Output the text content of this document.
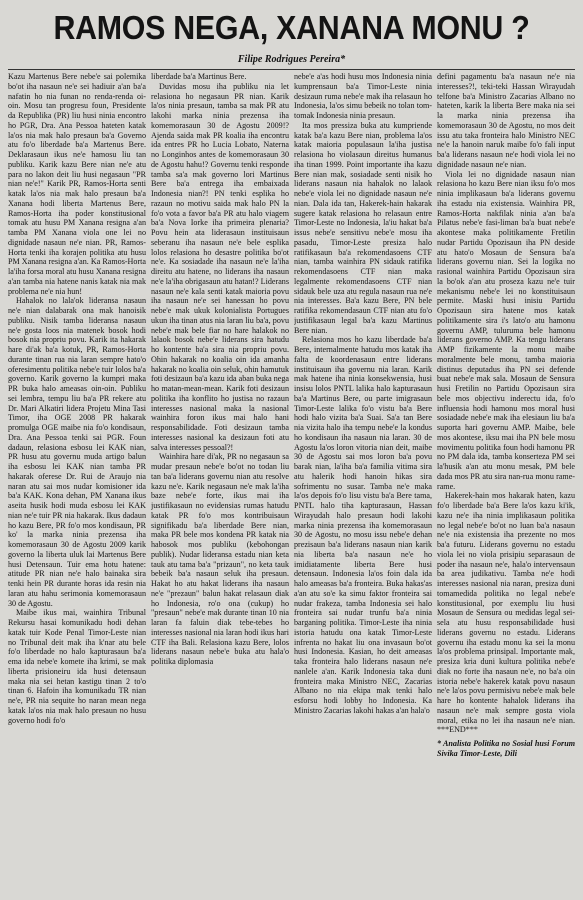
RAMOS NEGA, XANANA MONU ?
Filipe Rodrigues Pereira*

Kazu Martenus Bere nebe'e sai polemika bo'ot iha nasaun ne'e sei hadiuir a'an ba'a nafatin ho nia funan no renda-renda oi-oin. Mosu tan progresu foun, Presidente da Republika (PR) liu husi ninia encontro ho PGR, Dra. Ana Pessoa hateten katak la'os nia mak halo presaun ba'a Governo atu fo'o liberdade ba'a Martenus Bere. Deklarasaun ikus ne'e hamosu liu tan publiku. Karik kazu Bere nian ne'e atu para no lakon deit liu husi negasaun "PR nian ne'e!" Karik PR, Ramos-Horta senti katak la'os nia mak halo presaun ba'a Xanana hodi liberta Martenus Bere, Ramos-Horta iha poder konstitusional tomak atu husu PM Xanana resigna a'an tamba PM Xanana viola one lei no dignidade nasaun ne'e nian. PR, Ramos-Horta tenki iha korajen politika atu husu PM Xanana resigna a'an. Ka Ramos-Horta la'iha forsa moral atu husu Xanana resigna a'an tamba nia hatene nanis katak nia mak problema ne'e nia hun!

Hahalok no lala'ok lideransa nasaun ne'e nian dalabarak ona mak hanoisik publiku. Nisik tamba lideransa nasaun ne'e gosta loos nia matenek bosok hodi bosok nia propriu povu. Karik ita hakarak hare di'ak ba'a kotuk, PR, Ramos-Horta durante tinan rua nia laran sempre hato'o oferesimentu politika nebe'e tuir lolos ba'a governo. Karik governo la kumpri maka PR buka halo ameasas oin-oin. Publiku sei lembra, tempu liu ba'a PR rekere atu Dr. Mari Alkatiri lidera Projetu Mina Tasi Timor, iha OGE 2008 PR hakarak promulga OGE maibe nia fo'o kondisaun, Dra. Ana Pessoa tenki sai PGR. Foun dadaun, relasiona esbosu lei KAK nian, PR husu atu governu muda artigo balun iha esbosu lei KAK nian tamba PR hakarak oferese Dr. Rui de Araujo nia naran atu sai mos nudar komisioner ida ba'a KAK. Kona dehan, PM Xanana ikus aseita husik hodi muda esbosu lei KAK nian ne'e tuir PR nia hakarak. Ikus dadaun ho kazu Bere, PR fo'o mos kondisaun, PR ko' la marka ninia prezensa iha komemorasaun 30 de Agostu 2009 karik governo la liberta uluk lai Martenus Bere husi Detensaun. Tuir ema hotu hatene: atitude PR nian ne'e halo bainaka sira tenki hein PR durante horas ida resin nia laran atu hahu serimonia komemorasaun 30 de Agostu.

Maibe ikus mai, wainhira Tribunal Rekursu hasai komunikadu hodi dehan katak tuir Kode Penal Timor-Leste nian no Tribunal deit mak iha k'nar atu bele fo'o liberdade no halo kapturasaun ba'a ema ida nebe'e komete iha krimi, se mak liberta prisioneiru ida husi detensaun maka nia sei hetan kastigu tinan 2 to'o tinan 6. Hafoin iha komunikadu TR nian ne'e, PR nia sequite ho naran mean nega katak la'os nia mak halo presaun no husu governo hodi fo'o

liberdade ba'a Martinus Bere.

Duvidas mosu iha publiku nia let relasiona ho negasaun PR nian. Karik la'os ninia presaun, tamba sa mak PR atu lakohi marka ninia prezensa iha komemorasaun 30 de Agostu 2009!? Ajenda saida mak PR koalia iha encontru ida entres PR ho Lucia Lobato, Naterna no Longinhos antes de komemorasaun 30 de Agostu hahu!? Governu tenki responde tamba sa'a mak governo lori Martinus Bere ba'a entrega iha embaixada Indonesia nian?! PN tenki esplika ho razaun no motivu saida mak halo PN la fo'o vota a favor ba'a PR atu halo viagem ba'a Nova Iorke iha primeira plenaria? Povu hein ata liderasaun instituisaun seberanu iha nasaun ne'e bele esplika lolos relasiona ho desastre politika bo'ot ne'e. Ka sosiadade iha nasaun ne'e la'iha direitu atu hatene, no liderans iha nasaun ne'e la'iha obrigasaun atu hatan!? Liderans nasaun ne'e kala senti katak maioria povu iha nasaun ne'e sei hanessan ho povu nebe'e mak ukuk kolonialista Portugues ukun iha tinan atus nia laran liu ba'a, povu nebe'e mak bele fiar no hare halakok no lalaok bosok nebe'e liderans sira hatudu ho kontente ba'a sira nia propriu povu. Ohin hakarak no koalia oin ida amanha hakarak no koalia oin seluk, ohin hamutuk foti desizaun ba'a kazu ida aban buka nega ho matan-mean-mean. Karik foti desizaun politika iha konflito ho justisa no razaun interesses nasional maka la nasional wainhira foron ikus mai halo hani responsabilidade. Foti desizaun tamba interesses nasional ka desizaun foti atu salva interesses pessoal?!

Wainhira hare di'ak, PR no negasaun sa mudar presaun nebe'e bo'ot no todan liu tan ba'a liderans governu nian atu resolve kazu ne'e. Karik negasaun ne'e mak la'iha baze nebe'e forte, ikus mai iha justifikasaun no evidensias rumas hatudu katak PR fo'o mos kontribuisaun signifikadu ba'a liberdade Bere nian, maka PR bele mos kondena PR katak nia habosok mos publiku (kebohongan publik). Nudar lideransa estadu nian keta tauk atu tama ba'a "prizaun", no keta tauk bebeik ba'a nasaun seluk iha presaun. Hakat ho atu hakat liderans iha nasaun ne'e "prezaun" balun hakat relasaun diak ho Indonesia, ro'o ona (cukup) ho "presaun" nebe'e mak durante tinan 10 nia laran fa faluin diak tebe-tebes ho interesses nasional nia laran hodi ikus hari CTF iha Bali. Relasiona kazu Bere, lolos liderans nasaun nebe'e buka atu hala'o politika diplomasia

nebe'e a'as hodi husu mos Indonesia ninia kumprensaun ba'a Timor-Leste ninia desizaun ruma nebe'e mak iha relasaun ho Indonesia, la'os simu bebeik no tolan tom-tomak Indonesia ninia presaun.

Ita mos pressiza buka atu kumpriende katak ba'a kazu Bere nian, problema la'os katak maioria populasaun la'iha justisa relasiona ho violasaun direitus humanus iha tinan 1999. Point importante iha kazu Bere nian mak, sosiadade senti nisik ho liderans nasaun nia hahalok no lalaok nebe'e viola lei no dignidade nasaun ne'e nian. Dala ida tan, Hakerek-hain hakarak sugere katak relasiona ho relasaun entre Timor-Leste no Indonesia, la'iu hakat ba'a issus nebe'e sensitivu nebe'e mosu iha pasadu, Timor-Leste presiza halo ratifikasaun ba'a rekomendasoens CTF nian, tamba wainhira PN sidauk ratifika rekomendasoens CTF nian maka legalmente rekomendasoens CTF nian sidauk bele uza atu regula nasaun rua ne'e nia interesses. Ba'a kazu Bere, PN bele ratifika rekomendasaun CTF nian atu fo'o justifikasaun legal ba'a kazu Martinus Bere nian.

Relasiona mos ho kazu liberdade ba'a Bere, internalmente hatudu mos katak iha falta de koordenasaun entre liderans instituisaun iha governu nia laran. Karik mak hatene iha ninia konsekwensia, husi insisu lolos PNTL lalika halo kapturasaun ba'a Martinus Bere, ou parte imigrasaun Timor-Leste lalika fo'o vistu ba'a Bere hodi halo vizita ba'a Suai. Sa'a tan Bere nia vizita halo iha tempu nebe'e la kondus ho kondisaun iha nasaun nia laran. 30 de Agostu la'os loron vitoria nian deit, maibe 30 de Agostu sai mos loron ba'a povu barak nian, la'iha ba'a familia vitima sira atu halerik hodi hanoin hikas sira sofrimentu no susar. Tamba ne'e maka la'os depois fo'o lisu vistu ba'a Bere tama, PNTL halo tiha kapturasaun, Hassan Wirayudah halo presaun hodi lakohi marka ninia prezensa iha komemorasaun 30 de Agostu, no mosu issu nebe'e dehan prezisaun ba'a liderans nasaun nian karik nia liberta ba'a nasaun ne'e ho imidiatamente liberta Bere husi detensaun. Indonesia la'os foin dala ida halo ameasas ba'a fronteira. Buka hakas'as a'an atu so'e ka simu faktor fronteira sai nudar frakeza, tamba Indonesia sei halo fronteira sai nudar trunfu ba'a ninia barganing politika. Timor-Leste iha ninia istoria hatudu ona katak Timor-Leste infrenta no hakat liu ona invasaun bo'ot husi Indonesia. Kasian, ho deit ameasas taka fronteira halo liderans nasaun ne'e nanlele a'an. Karik Indonesia taka duni fronteira maka Ministro NEC, Zacarias Albano no nia ekipa mak tenki halo esforsu hodi lobby ho Indonesia. Ka Ministro Zacarias lakohi hakas a'an hala'o

defini pagamentu ba'a nasaun ne'e nia interesses?!, teki-teki Hassan Wirayudah telfone ba'a Ministro Zacarias Albano no hateten, karik la liberta Bere maka nia sei la marka ninia prezensa iha komemorasaun 30 de Agostu, no mos deit issu atu taka fronteira halo Ministro NEC ne'e la hanoin naruk maibe fo'o fali input ba'a liderans nasaun ne'e hodi viola lei no dignidade nasaun ne'e nian.

Viola lei no dignidade nasaun nian relasiona ho kazu Bere nian iksu fo'o mos ninia implikasaun ba'a liderans governu iha estadu nia existensia. Wainhira PR, Ramos-Horta nakfilak ninia a'an ba'a Pilatus nebe'e fasi-liman ba'a buat nebe'e akontese maka politikamente Fretilin nudar Partidu Opozisaun iha PN deside atu hato'o Mosaun de Sensura ba'a liderans governu nian. Sei la logika no rasional wainhira Partidu Opozisaun sira la bo'ok a'an atu proseza kazu ne'e tuir mekanismu nebe'e lei no konstituisaun permite. Maski husi inisiu Partidu Opozisaun sira hatene mos katak politikamente sira i's lato'o atu hamonu governu AMP, tuluruma bele hamonu liderans governo AMP. Ka tengu liderans AMP fizikamente la monu maibe moralmente bele monu, tamba maioria distinus deputadus iha PN sei defende buat nebe'e mak sala. Mosaun de Sensura husi Fretilin no Partidu Opozisaun sira bele mos objectivu inderectu ida, fo'o influensia hodi hamonu mos moral husi sosiadade nebe'e mak iha elesiaun liu ba'a suporta hari governu AMP. Maibe, bele mos akontese, iksu mai iha PN bele mosu movimentu politika foun hodi hamonu PR no PM dala ida, tamba konserteza PM sei la'husik a'an atu monu mesak, PM bele dada mos PR atu sira nan-rua monu rame-rame.

Hakerek-hain mos hakarak haten, kazu fo'o liberdade ba'a Bere la'os kazu ki'ik, kazu ne'e iha ninia implikasaun politika no legal nebe'e bo'ot no luan ba'a nasaun ne'e nia existensia iha prezente no mos ba'a futuru. Liderans governu no estadu viola lei no viola prisipiu separasaun de poder iha nasaun ne'e, hala'o intervensaun ba area judikativu. Tamba ne'e hodi interesses nasional nia naran, presiza duni tomamedida politika no legal nebe'e konstitusional, por exemplu liu husi Mosaun de Sensura ou medidas legal sei-sela atu husu responsabilidade husi liderans governu no estadu. Liderans governu iha estadu monu ka sei la monu la'os problema prinsipal. Importante mak, presiza kria duni kultura politika nebe'e diak no forte iha nasaun ne'e, no ba'a oin istoria nebe'e hakerek katak povu nasaun ne'e la'os povu permisivu nebe'e mak bele hare ho kontente hahalok liderans iha nasaun ne'e mak sempre gosta viola moral, etika no lei iha nasaun ne'e nian. ***END***

* Analista Politika no Sosial husi Forum Sivika Timor-Leste, Dili
